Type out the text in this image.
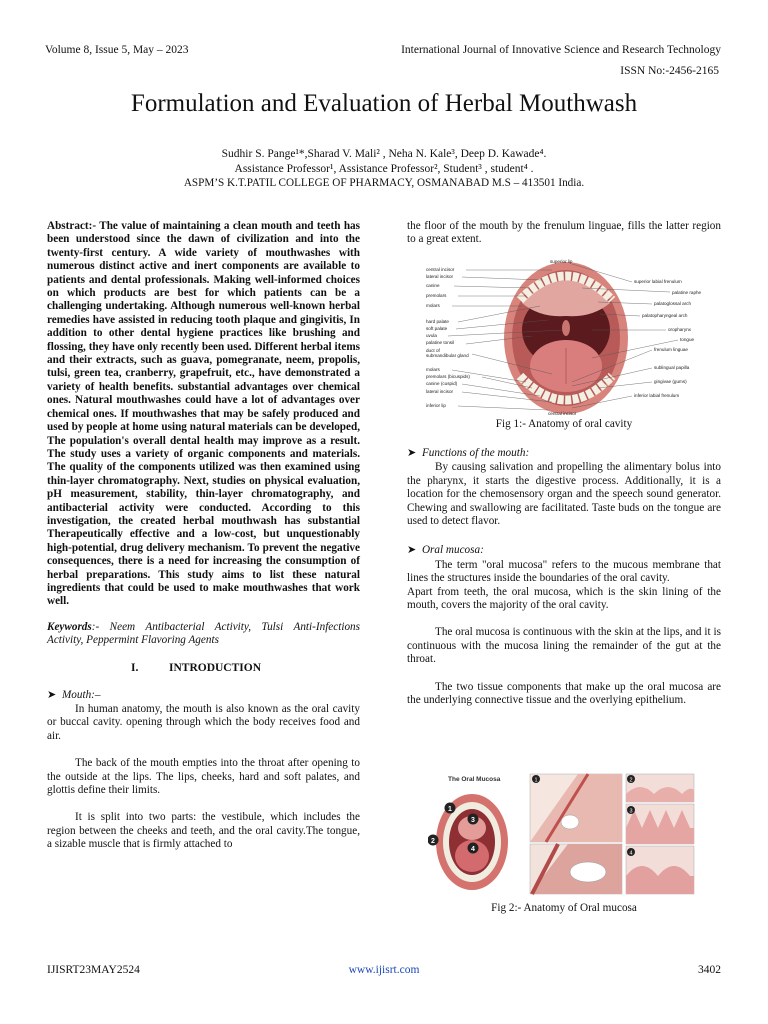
Volume 8, Issue 5, May – 2023	International Journal of Innovative Science and Research Technology
ISSN No:-2456-2165
Formulation and Evaluation of Herbal Mouthwash
Sudhir S. Pange¹*,Sharad V. Mali² , Neha N. Kale³, Deep D. Kawade⁴.
Assistance Professor¹, Assistance Professor², Student³ , student⁴ .
ASPM’S K.T.PATIL COLLEGE OF PHARMACY, OSMANABAD M.S – 413501 India.

Abstract:- The value of maintaining a clean mouth and teeth has been understood since the dawn of civilization and into the twenty-first century. A wide variety of mouthwashes with numerous distinct active and inert components are available to patients and dental professionals. Making well-informed choices on which products are best for which patients can be a challenging undertaking. Although numerous well-known herbal remedies have assisted in reducing tooth plaque and gingivitis, In addition to other dental hygiene practices like brushing and flossing, they have only recently been used. Different herbal items and their extracts, such as guava, pomegranate, neem, propolis, tulsi, green tea, cranberry, grapefruit, etc., have demonstrated a variety of health benefits. substantial advantages over chemical ones. Natural mouthwashes could have a lot of advantages over chemical ones. If mouthwashes that may be safely produced and used by people at home using natural materials can be developed, The population's overall dental health may improve as a result. The study uses a variety of organic components and materials. The quality of the components utilized was then examined using thin-layer chromatography. Next, studies on physical evaluation, pH measurement, stability, thin-layer chromatography, and antibacterial activity were conducted. According to this investigation, the created herbal mouthwash has substantial Therapeutically effective and a low-cost, but unquestionably high-potential, drug delivery mechanism. To prevent the negative consequences, there is a need for increasing the consumption of herbal preparations. This study aims to list these natural ingredients that could be used to make mouthwashes that work well.

Keywords:- Neem Antibacterial Activity, Tulsi Anti-Infections Activity, Peppermint Flavoring Agents

I.	INTRODUCTION

➤ Mouth:–

In human anatomy, the mouth is also known as the oral cavity or buccal cavity. opening through which the body receives food and air.

The back of the mouth empties into the throat after opening to the outside at the lips. The lips, cheeks, hard and soft palates, and glottis define their limits.

It is split into two parts: the vestibule, which includes the region between the cheeks and teeth, and the oral cavity.The tongue, a sizable muscle that is firmly attached to

the floor of the mouth by the frenulum linguae, fills the latter region to a great extent.

central incisor
lateral incisor
canine
premolars
molars
hard palate
soft palate
uvula
palatine tonsil
duct of
submandibular gland
molars
premolars (bicuspids)
canine (cuspid)
lateral incisor
inferior lip
superior labial frenulum
palatine raphe
palatoglossal arch
palatopharyngeal arch
oropharynx
tongue
frenulum linguae
sublingual papilla
gingivae (gums)
inferior labial frenulum
superior lip
central incisor
Fig 1:- Anatomy of oral cavity

➤ Functions of the mouth:

By causing salivation and propelling the alimentary bolus into the pharynx, it starts the digestive process. Additionally, it is a location for the chemosensory organ and the speech sound generator. Chewing and swallowing are facilitated. Taste buds on the tongue are used to detect flavor.

➤ Oral mucosa:

The term "oral mucosa" refers to the mucous membrane that lines the structures inside the boundaries of the oral cavity.

Apart from teeth, the oral mucosa, which is the skin lining of the mouth, covers the majority of the oral cavity.

The oral mucosa is continuous with the skin at the lips, and it is continuous with the mucosa lining the remainder of the gut at the throat.

The two tissue components that make up the oral mucosa are the underlying connective tissue and the overlying epithelium.

The Oral Mucosa
1
2
3
4
1	2
3
4
Fig 2:- Anatomy of Oral mucosa
IJISRT23MAY2524	www.ijisrt.com	3402
